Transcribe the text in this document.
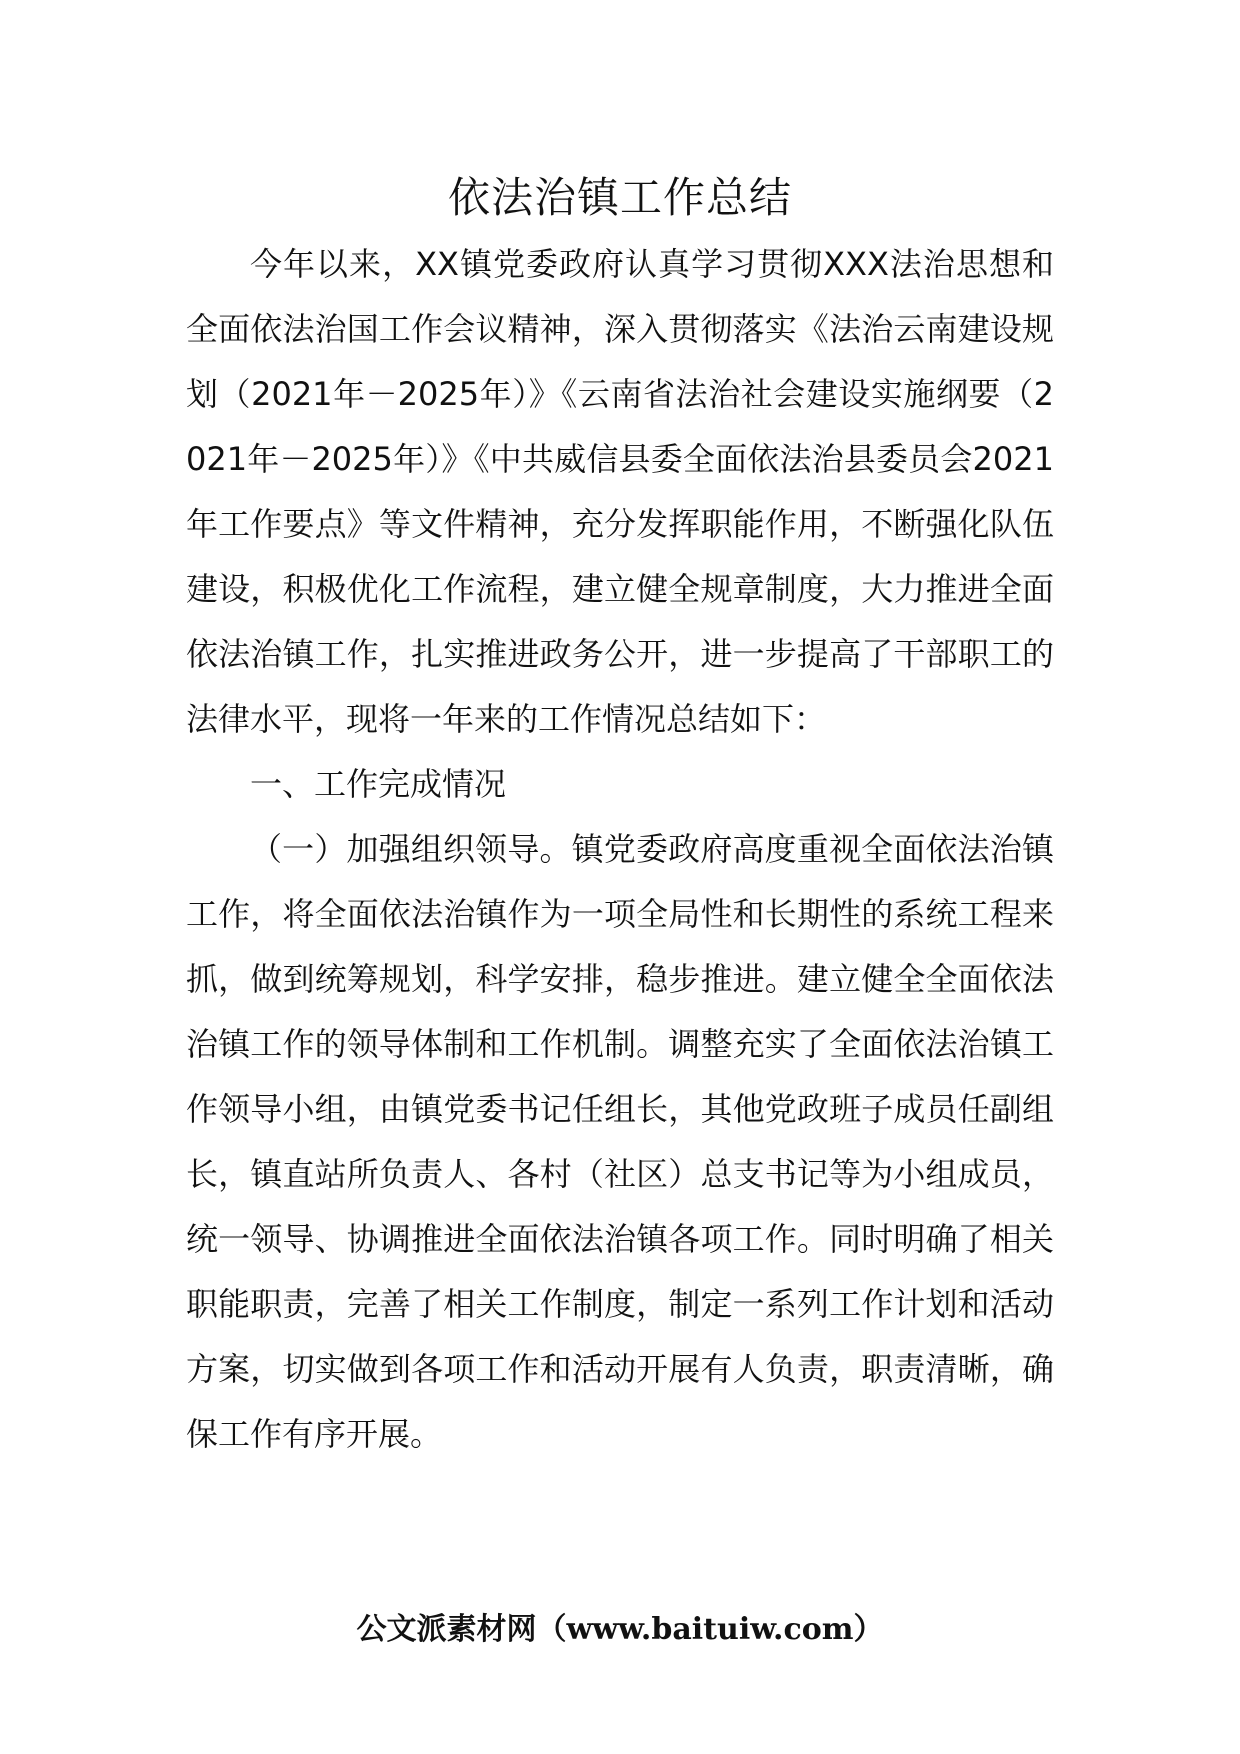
依法治镇工作总结

今年以来，XX镇党委政府认真学习贯彻XXX法治思想和全面依法治国工作会议精神，深入贯彻落实《法治云南建设规划（2021年－2025年）》《云南省法治社会建设实施纲要（2021年－2025年）》《中共威信县委全面依法治县委员会2021年工作要点》等文件精神，充分发挥职能作用，不断强化队伍建设，积极优化工作流程，建立健全规章制度，大力推进全面依法治镇工作，扎实推进政务公开，进一步提高了干部职工的法律水平，现将一年来的工作情况总结如下：

一、工作完成情况

（一）加强组织领导。镇党委政府高度重视全面依法治镇工作，将全面依法治镇作为一项全局性和长期性的系统工程来抓，做到统筹规划，科学安排，稳步推进。建立健全全面依法治镇工作的领导体制和工作机制。调整充实了全面依法治镇工作领导小组，由镇党委书记任组长，其他党政班子成员任副组长，镇直站所负责人、各村（社区）总支书记等为小组成员，统一领导、协调推进全面依法治镇各项工作。同时明确了相关职能职责，完善了相关工作制度，制定一系列工作计划和活动方案，切实做到各项工作和活动开展有人负责，职责清晰，确保工作有序开展。

公文派素材网（www.baituiw.com）
